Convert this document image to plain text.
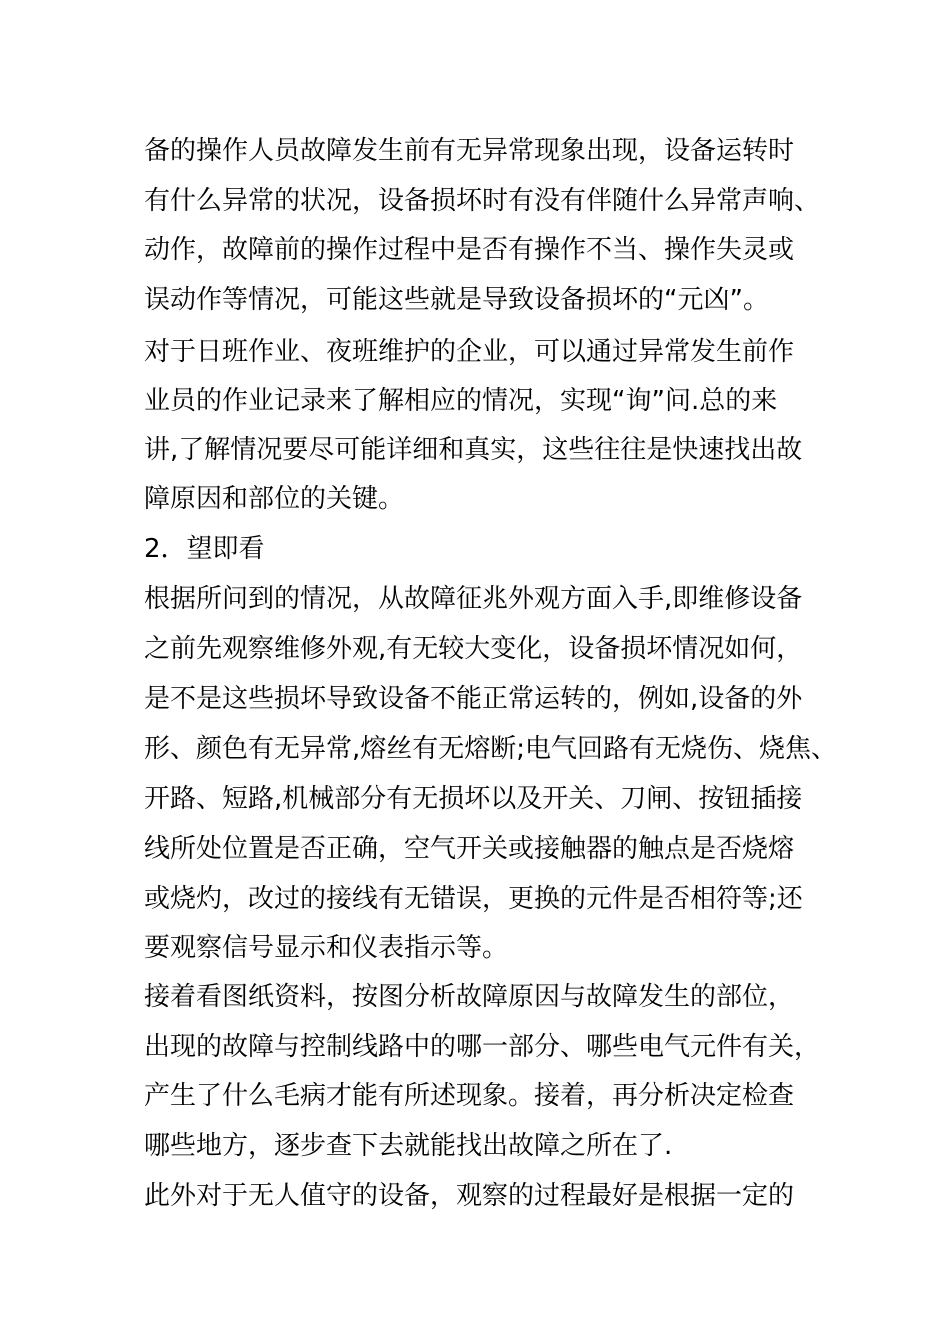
备的操作人员故障发生前有无异常现象出现，设备运转时
有什么异常的状况，设备损坏时有没有伴随什么异常声响、
动作，故障前的操作过程中是否有操作不当、操作失灵或
误动作等情况，可能这些就是导致设备损坏的“元凶”。
对于日班作业、夜班维护的企业，可以通过异常发生前作
业员的作业记录来了解相应的情况，实现“询”问.总的来
讲,了解情况要尽可能详细和真实，这些往往是快速找出故
障原因和部位的关键。
2．望即看
根据所问到的情况，从故障征兆外观方面入手,即维修设备
之前先观察维修外观,有无较大变化，设备损坏情况如何，
是不是这些损坏导致设备不能正常运转的，例如,设备的外
形、颜色有无异常,熔丝有无熔断;电气回路有无烧伤、烧焦、
开路、短路,机械部分有无损坏以及开关、刀闸、按钮插接
线所处位置是否正确，空气开关或接触器的触点是否烧熔
或烧灼，改过的接线有无错误，更换的元件是否相符等;还
要观察信号显示和仪表指示等。
接着看图纸资料，按图分析故障原因与故障发生的部位，
出现的故障与控制线路中的哪一部分、哪些电气元件有关，
产生了什么毛病才能有所述现象。接着，再分析决定检查
哪些地方，逐步查下去就能找出故障之所在了.
此外对于无人值守的设备，观察的过程最好是根据一定的
